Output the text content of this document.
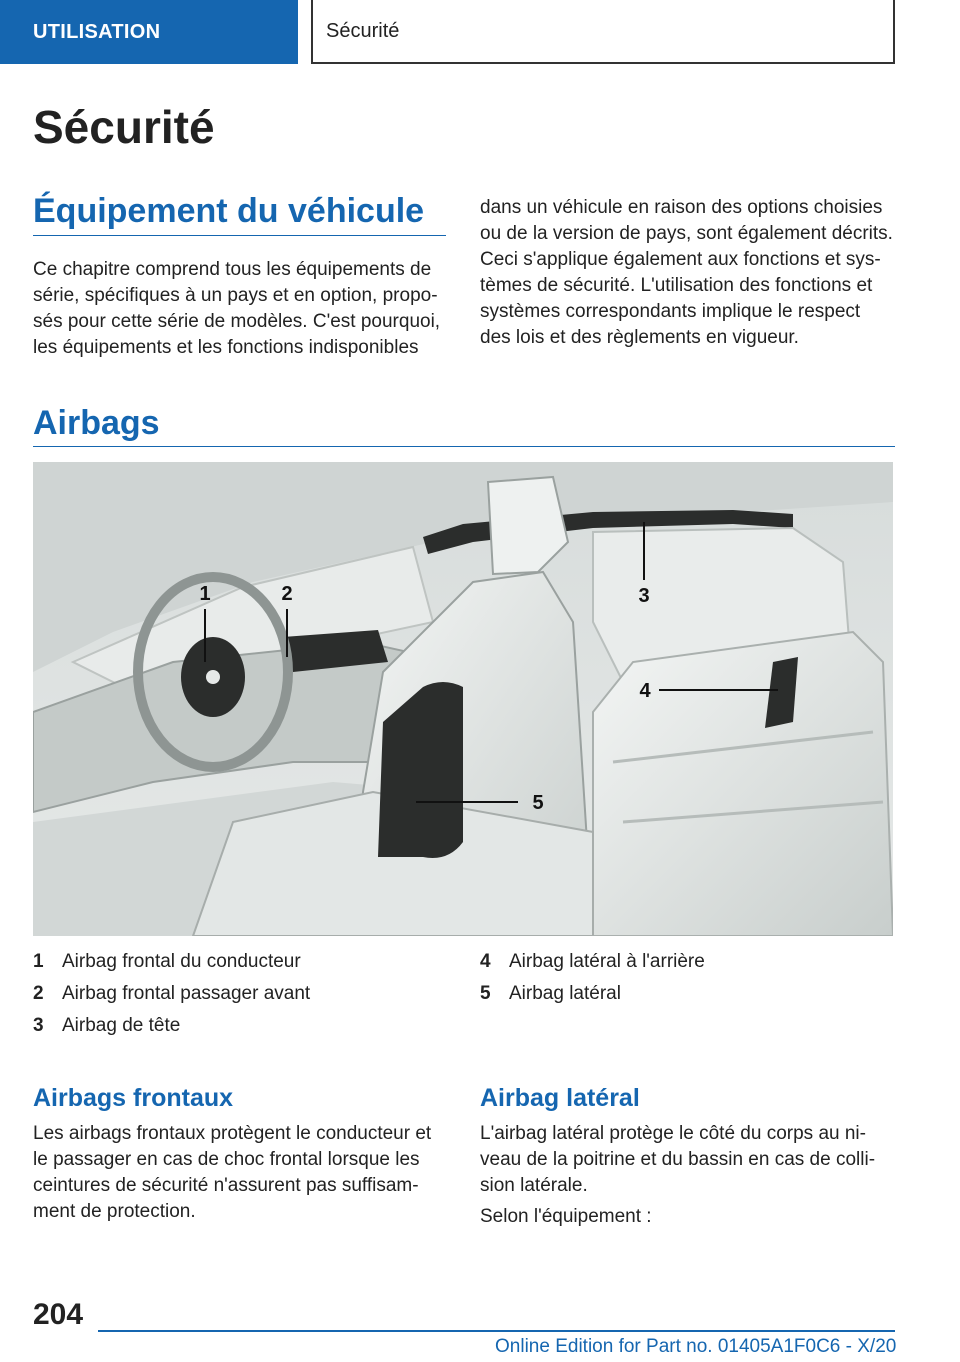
UTILISATION	Sécurité
Sécurité
Équipement du véhicule
Ce chapitre comprend tous les équipements de
série, spécifiques à un pays et en option, propo-
sés pour cette série de modèles. C'est pourquoi,
les équipements et les fonctions indisponibles
dans un véhicule en raison des options choisies
ou de la version de pays, sont également décrits.
Ceci s'applique également aux fonctions et sys-
tèmes de sécurité. L'utilisation des fonctions et
systèmes correspondants implique le respect
des lois et des règlements en vigueur.
Airbags
1	2	3
4
5
1 Airbag frontal du conducteur
2 Airbag frontal passager avant
3 Airbag de tête
4 Airbag latéral à l'arrière
5 Airbag latéral
Airbags frontaux
Les airbags frontaux protègent le conducteur et
le passager en cas de choc frontal lorsque les
ceintures de sécurité n'assurent pas suffisam-
ment de protection.
Airbag latéral
L'airbag latéral protège le côté du corps au ni-
veau de la poitrine et du bassin en cas de colli-
sion latérale.
Selon l'équipement :
204
Online Edition for Part no. 01405A1F0C6 - X/20
